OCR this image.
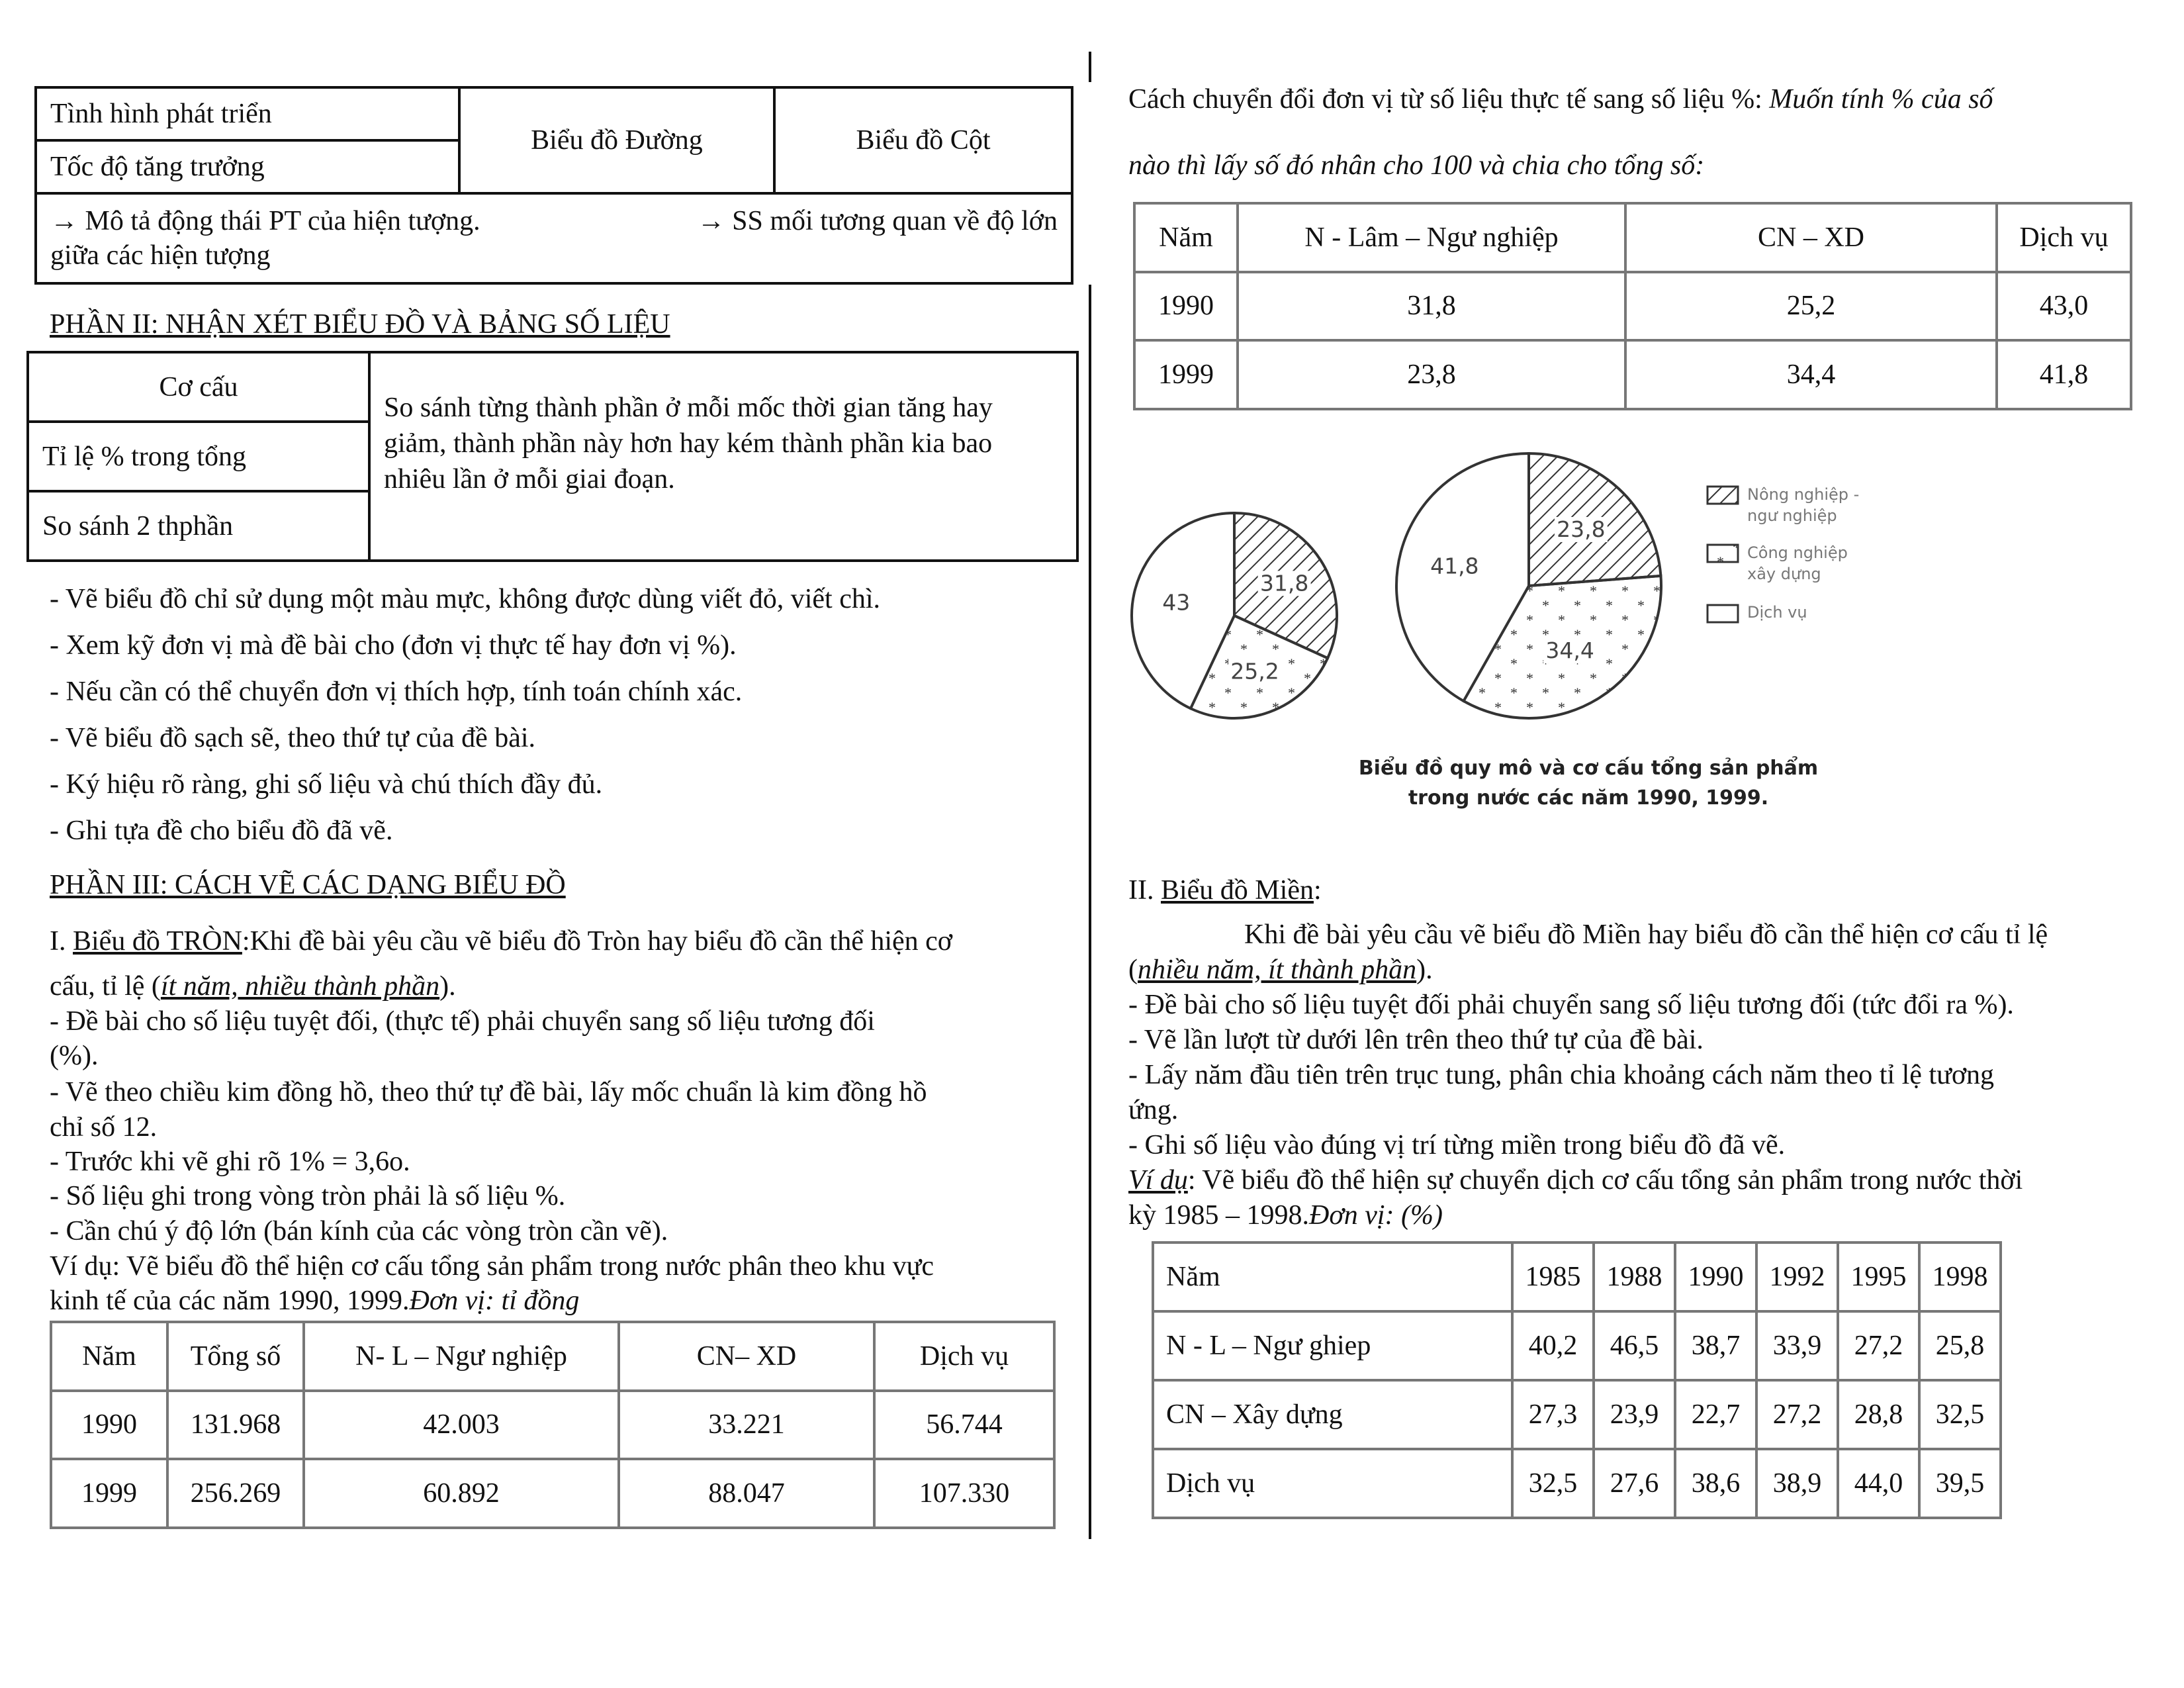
Tình hình phát triển	Biểu đồ Đường	Biểu đồ Cột
Tốc độ tăng trưởng

→ Mô tả động thái PT của hiện tượng.	→ SS mối tương quan về độ lớn
giữa các hiện tượng
PHẦN II: NHẬN XÉT BIỂU ĐỒ VÀ BẢNG SỐ LIỆU
Cơ cấu	
So sánh từng thành phần ở mỗi mốc thời gian tăng hay
giảm, thành phần này hơn hay kém thành phần kia bao
nhiêu lần ở mỗi giai đoạn.

Tỉ lệ % trong tổng
So sánh 2 thphần
- Vẽ biểu đồ chỉ sử dụng một màu mực, không được dùng viết đỏ, viết chì.
- Xem kỹ đơn vị mà đề bài cho (đơn vị thực tế hay đơn vị %).
- Nếu cần có thể chuyển đơn vị thích hợp, tính toán chính xác.
- Vẽ biểu đồ sạch sẽ, theo thứ tự của đề bài.
- Ký hiệu rõ ràng, ghi số liệu và chú thích đầy đủ.
- Ghi tựa đề cho biểu đồ đã vẽ.
PHẦN III: CÁCH VẼ CÁC DẠNG BIỂU ĐỒ
I. Biểu đồ TRÒN:Khi đề bài yêu cầu vẽ biểu đồ Tròn hay biểu đồ cần thể hiện cơ
cấu, tỉ lệ (ít năm, nhiều thành phần).
- Đề bài cho số liệu tuyệt đối, (thực tế) phải chuyển sang số liệu tương đối
(%).
- Vẽ theo chiều kim đồng hồ, theo thứ tự đề bài, lấy mốc chuẩn là kim đồng hồ
chỉ số 12.
- Trước khi vẽ ghi rõ 1% = 3,6o.
- Số liệu ghi trong vòng tròn phải là số liệu %.
- Cần chú ý độ lớn (bán kính của các vòng tròn cần vẽ).
Ví dụ: Vẽ biểu đồ thể hiện cơ cấu tổng sản phẩm trong nước phân theo khu vực
kinh tế của các năm 1990, 1999.Đơn vị: tỉ đồng
Năm	Tổng số	N- L – Ngư nghiệp	CN– XD	Dịch vụ
1990	131.968	42.003	33.221	56.744
1999	256.269	60.892	88.047	107.330
Cách chuyển đổi đơn vị từ số liệu thực tế sang số liệu %: Muốn tính % của số
nào thì lấy số đó nhân cho 100 và chia cho tổng số:
Năm	N - Lâm – Ngư nghiệp	CN – XD	Dịch vụ
1990	31,8	25,2	43,0
1999	23,8	34,4	41,8
31,8
25,2
43
23,8
34,4
41,8
Nông nghiệp -
ngư nghiệp
Công nghiệp
xây dựng
Dịch vụ
Biểu đồ quy mô và cơ cấu tổng sản phẩm
trong nước các năm 1990, 1999.
II. Biểu đồ Miền:
Khi đề bài yêu cầu vẽ biểu đồ Miền hay biểu đồ cần thể hiện cơ cấu tỉ lệ
(nhiều năm, ít thành phần).
- Đề bài cho số liệu tuyệt đối phải chuyển sang số liệu tương đối (tức đổi ra %).
- Vẽ lần lượt từ dưới lên trên theo thứ tự của đề bài.
- Lấy năm đầu tiên trên trục tung, phân chia khoảng cách năm theo tỉ lệ tương
ứng.
- Ghi số liệu vào đúng vị trí từng miền trong biểu đồ đã vẽ.
Ví dụ: Vẽ biểu đồ thể hiện sự chuyển dịch cơ cấu tổng sản phẩm trong nước thời
kỳ 1985 – 1998.Đơn vị: (%)
Năm	1985	1988	1990	1992	1995	1998
N - L – Ngư ghiep	40,2	46,5	38,7	33,9	27,2	25,8
CN – Xây dựng	27,3	23,9	22,7	27,2	28,8	32,5
Dịch vụ	32,5	27,6	38,6	38,9	44,0	39,5
